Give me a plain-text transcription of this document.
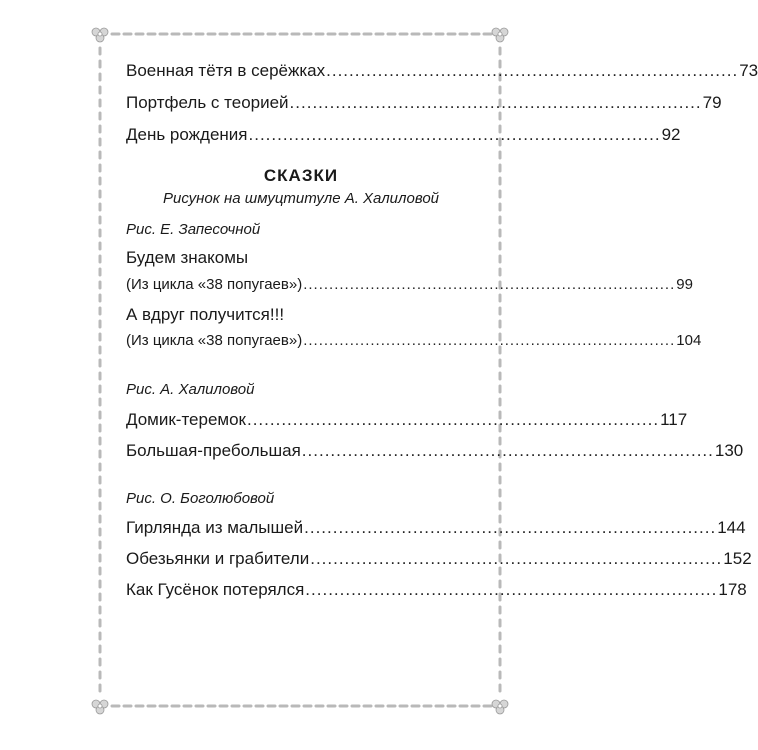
Военная тётя в серёжках ........................................................................ 73
Портфель с теорией ........................................................................ 79
День рождения ........................................................................ 92
СКАЗКИ
Рисунок на шмуцтитуле А. Халиловой
Рис. Е. Запесочной
Будем знакомы
(Из цикла «38 попугаев») ........................................................................ 99
А вдруг получится!!!
(Из цикла «38 попугаев») ........................................................................ 104
Рис. А. Халиловой
Домик-теремок ........................................................................ 117
Большая-пребольшая ........................................................................ 130
Рис. О. Боголюбовой
Гирлянда из малышей ........................................................................ 144
Обезьянки и грабители ........................................................................ 152
Как Гусёнок потерялся ........................................................................ 178
